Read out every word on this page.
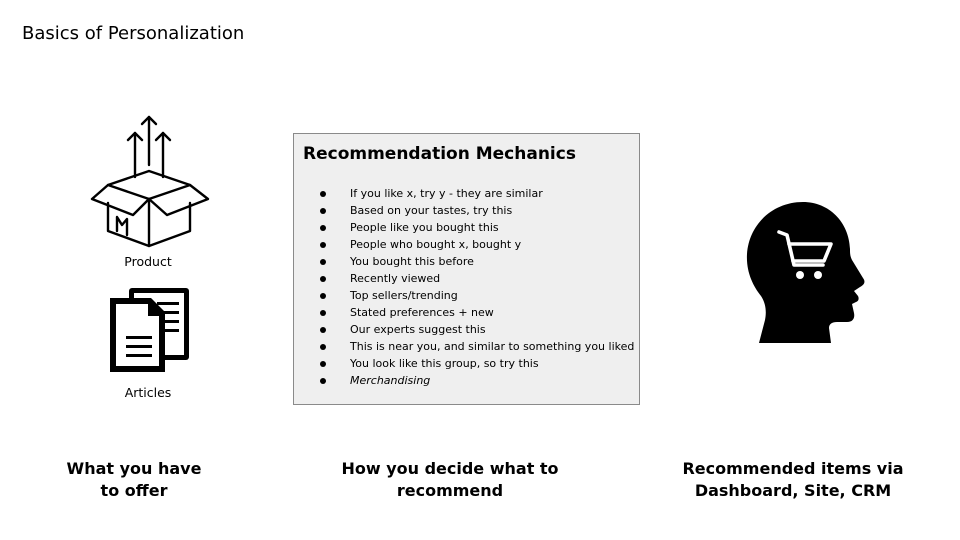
Basics of Personalization
Product
Articles
Recommendation Mechanics
If you like x, try y - they are similar
Based on your tastes, try this
People like you bought this
People who bought x, bought y
You bought this before
Recently viewed
Top sellers/trending
Stated preferences + new
Our experts suggest this
This is near you, and similar to something you liked
You look like this group, so try this
Merchandising
What you have
to offer
How you decide what to
recommend
Recommended items via
Dashboard, Site, CRM
